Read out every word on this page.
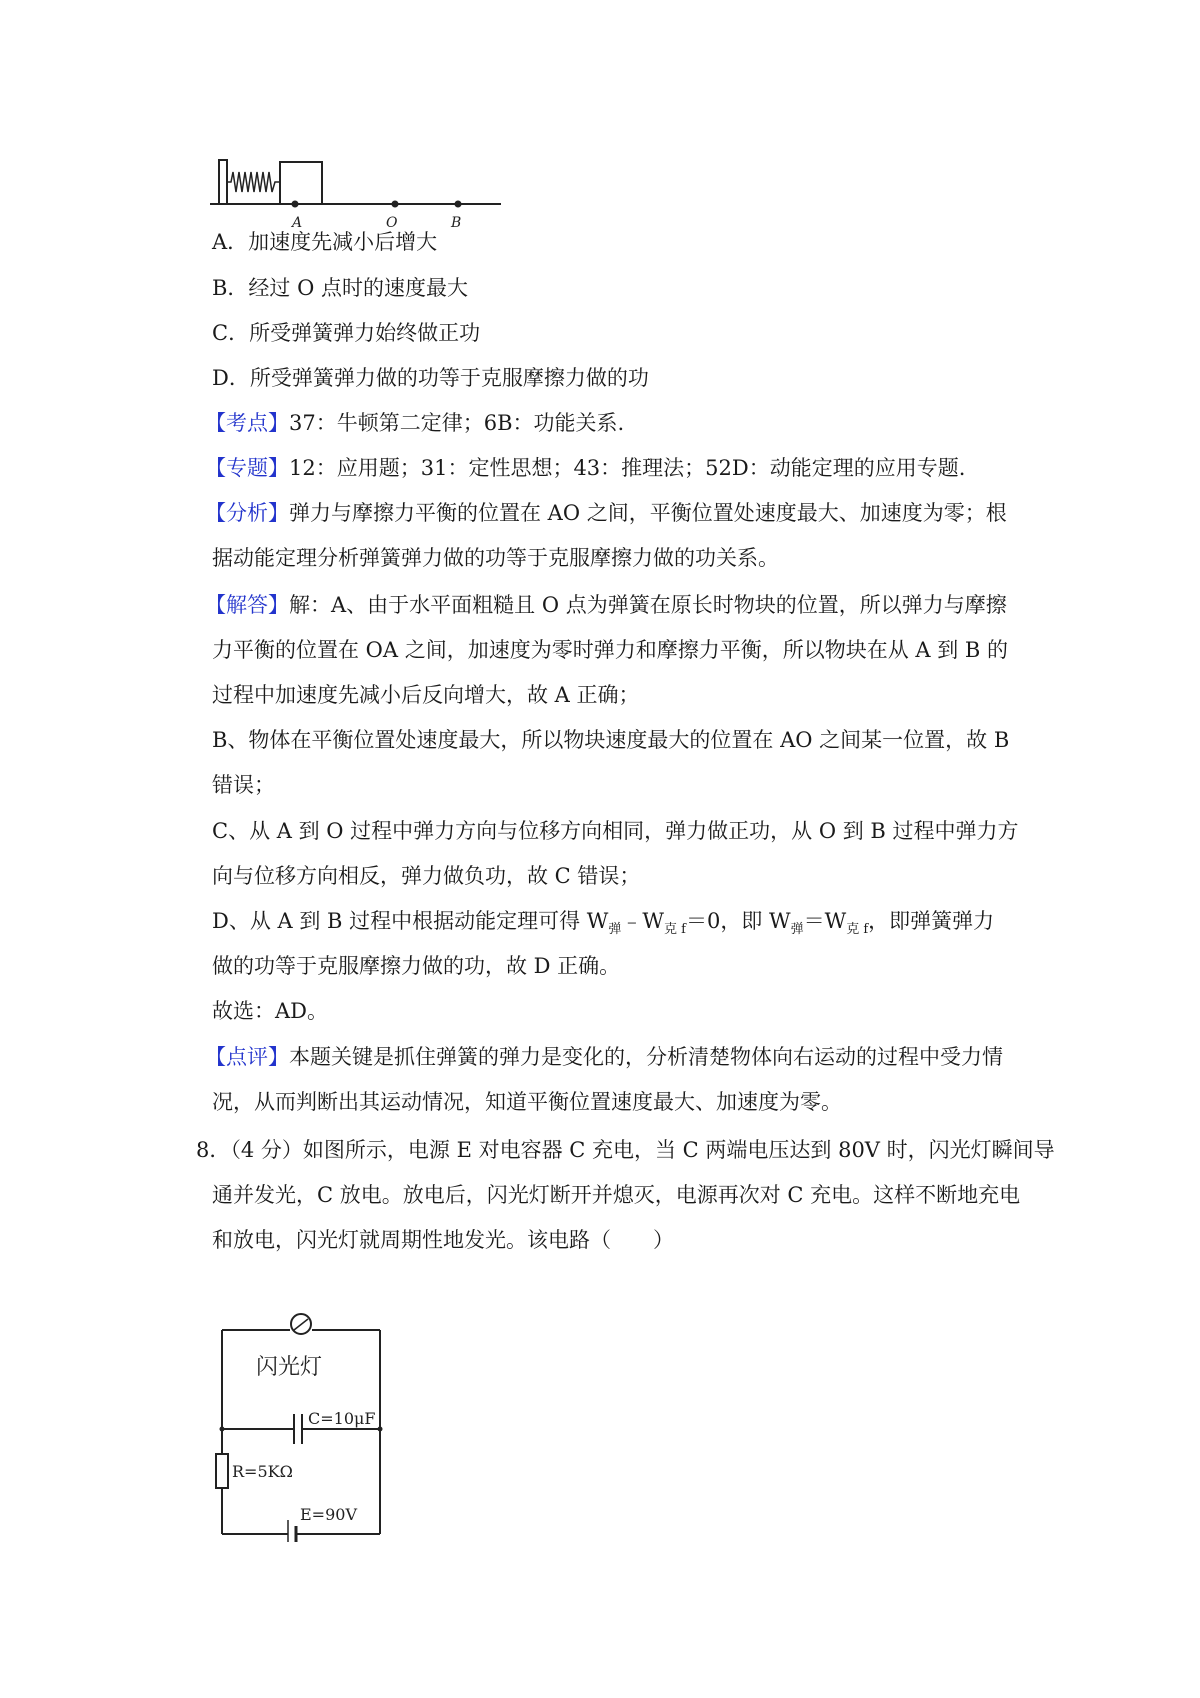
A	O	B
A．加速度先减小后增大
B．经过 O 点时的速度最大
C．所受弹簧弹力始终做正功
D．所受弹簧弹力做的功等于克服摩擦力做的功
【考点】37：牛顿第二定律；6B：功能关系.
【专题】12：应用题；31：定性思想；43：推理法；52D：动能定理的应用专题.
【分析】弹力与摩擦力平衡的位置在 AO 之间，平衡位置处速度最大、加速度为零；根
据动能定理分析弹簧弹力做的功等于克服摩擦力做的功关系。
【解答】解：A、由于水平面粗糙且 O 点为弹簧在原长时物块的位置，所以弹力与摩擦
力平衡的位置在 OA 之间，加速度为零时弹力和摩擦力平衡，所以物块在从 A 到 B 的
过程中加速度先减小后反向增大，故 A 正确；
B、物体在平衡位置处速度最大，所以物块速度最大的位置在 AO 之间某一位置，故 B
错误；
C、从 A 到 O 过程中弹力方向与位移方向相同，弹力做正功，从 O 到 B 过程中弹力方
向与位移方向相反，弹力做负功，故 C 错误；
D、从 A 到 B 过程中根据动能定理可得 $W_弹﹣W_{克 f}=0$，即 $W_弹=W_{克 f}$，即弹簧弹力
做的功等于克服摩擦力做的功，故 D 正确。
故选：AD。
【点评】本题关键是抓住弹簧的弹力是变化的，分析清楚物体向右运动的过程中受力情
况，从而判断出其运动情况，知道平衡位置速度最大、加速度为零。
8．（4 分）如图所示，电源 E 对电容器 C 充电，当 C 两端电压达到 80V 时，闪光灯瞬间导
通并发光，C 放电。放电后，闪光灯断开并熄灭，电源再次对 C 充电。这样不断地充电
和放电，闪光灯就周期性地发光。该电路（　　）
闪光灯
C=10μF
R=5KΩ
E=90V
